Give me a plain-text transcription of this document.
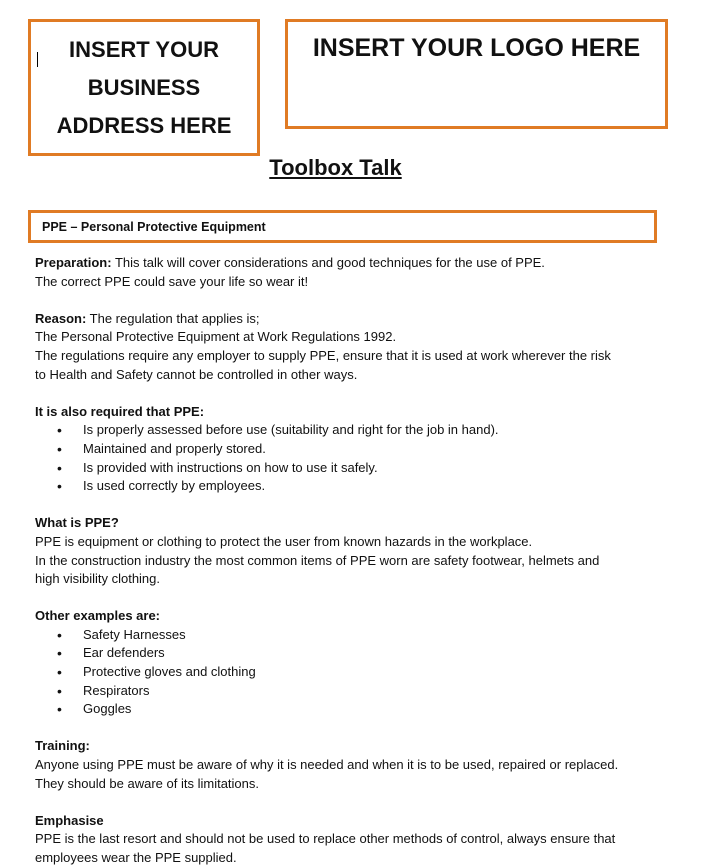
INSERT YOUR
BUSINESS
ADDRESS HERE
INSERT YOUR LOGO HERE
Toolbox Talk
PPE – Personal Protective Equipment
Preparation: This talk will cover considerations and good techniques for the use of PPE.
The correct PPE could save your life so wear it!
Reason: The regulation that applies is;
The Personal Protective Equipment at Work Regulations 1992.
The regulations require any employer to supply PPE, ensure that it is used at work wherever the risk
to Health and Safety cannot be controlled in other ways.
It is also required that PPE:
• Is properly assessed before use (suitability and right for the job in hand).
• Maintained and properly stored.
• Is provided with instructions on how to use it safely.
• Is used correctly by employees.
What is PPE?
PPE is equipment or clothing to protect the user from known hazards in the workplace.
In the construction industry the most common items of PPE worn are safety footwear, helmets and
high visibility clothing.
Other examples are:
• Safety Harnesses
• Ear defenders
• Protective gloves and clothing
• Respirators
• Goggles
Training:
Anyone using PPE must be aware of why it is needed and when it is to be used, repaired or replaced.
They should be aware of its limitations.
Emphasise
PPE is the last resort and should not be used to replace other methods of control, always ensure that
employees wear the PPE supplied.
